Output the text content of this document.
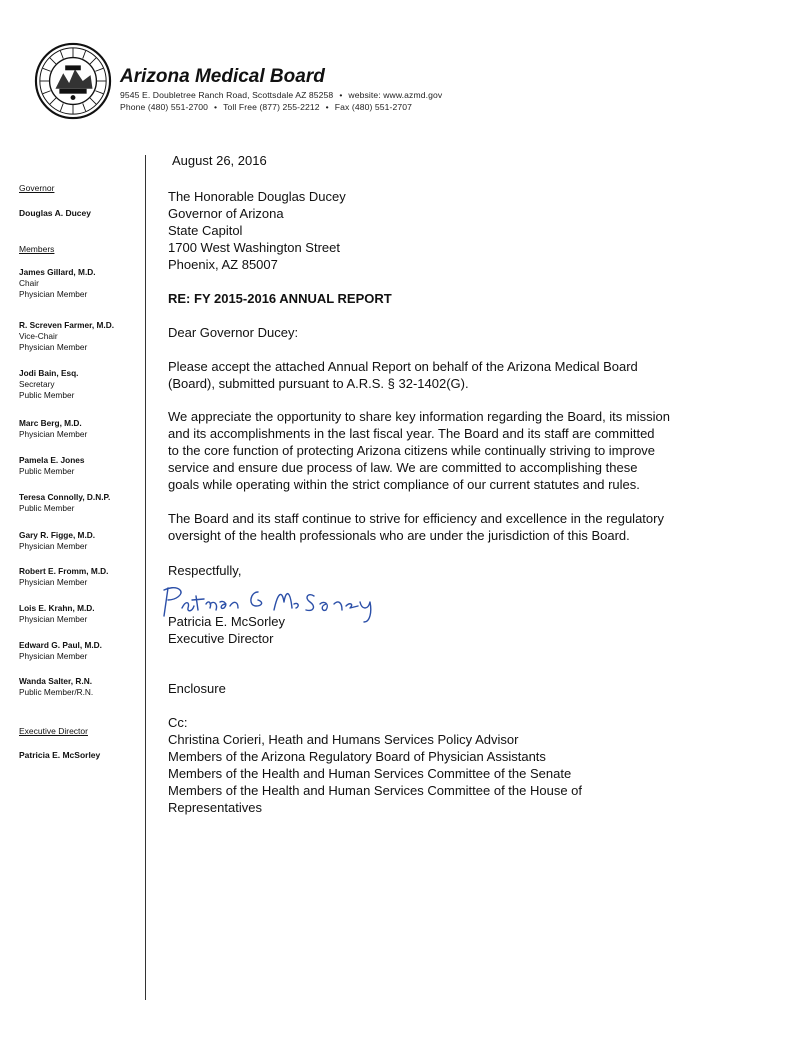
Arizona Medical Board
9545 E. Doubletree Ranch Road, Scottsdale AZ 85258 • website: www.azmd.gov
Phone (480) 551-2700 • Toll Free (877) 255-2212 • Fax (480) 551-2707
Governor
Douglas A. Ducey
Members
James Gillard, M.D.
Chair
Physician Member
R. Screven Farmer, M.D.
Vice-Chair
Physician Member
Jodi Bain, Esq.
Secretary
Public Member
Marc Berg, M.D.
Physician Member
Pamela E. Jones
Public Member
Teresa Connolly, D.N.P.
Public Member
Gary R. Figge, M.D.
Physician Member
Robert E. Fromm, M.D.
Physician Member
Lois E. Krahn, M.D.
Physician Member
Edward G. Paul, M.D.
Physician Member
Wanda Salter, R.N.
Public Member/R.N.
Executive Director
Patricia E. McSorley
August 26, 2016
The Honorable Douglas Ducey
Governor of Arizona
State Capitol
1700 West Washington Street
Phoenix, AZ 85007
RE: FY 2015-2016 ANNUAL REPORT
Dear Governor Ducey:
Please accept the attached Annual Report on behalf of the Arizona Medical Board
(Board), submitted pursuant to A.R.S. § 32-1402(G).
We appreciate the opportunity to share key information regarding the Board, its mission
and its accomplishments in the last fiscal year. The Board and its staff are committed
to the core function of protecting Arizona citizens while continually striving to improve
service and ensure due process of law. We are committed to accomplishing these
goals while operating within the strict compliance of our current statutes and rules.
The Board and its staff continue to strive for efficiency and excellence in the regulatory
oversight of the health professionals who are under the jurisdiction of this Board.
Respectfully,
Patricia E. McSorley
Executive Director
Enclosure
Cc:
Christina Corieri, Heath and Humans Services Policy Advisor
Members of the Arizona Regulatory Board of Physician Assistants
Members of the Health and Human Services Committee of the Senate
Members of the Health and Human Services Committee of the House of
Representatives
